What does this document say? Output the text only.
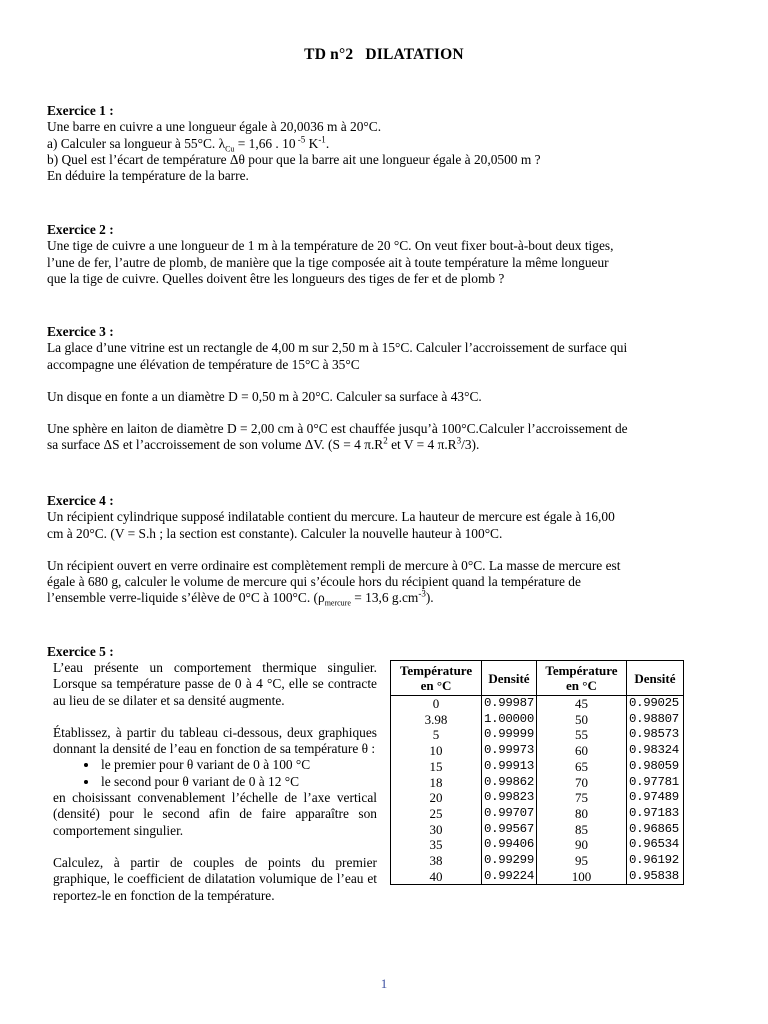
TD n°2 DILATATION

Exercice 1 :

Une barre en cuivre a une longueur égale à 20,0036 m à 20°C.

a) Calculer sa longueur à 55°C. $\lambda_{Cu} = 1,66$ . 10 $^{-5}$ $K^{-1}$.

b) Quel est l’écart de température Δθ pour que la barre ait une longueur égale à 20,0500 m ?

En déduire la température de la barre.

Exercice 2 :

Une tige de cuivre a une longueur de 1 m à la température de 20 °C. On veut fixer bout-à-bout deux tiges,

l’une de fer, l’autre de plomb, de manière que la tige composée ait à toute température la même longueur

que la tige de cuivre. Quelles doivent être les longueurs des tiges de fer et de plomb ?

Exercice 3 :

La glace d’une vitrine est un rectangle de 4,00 m sur 2,50 m à 15°C. Calculer l’accroissement de surface qui

accompagne une élévation de température de 15°C à 35°C

Un disque en fonte a un diamètre D = 0,50 m à 20°C. Calculer sa surface à 43°C.

Une sphère en laiton de diamètre D = 2,00 cm à 0°C est chauffée jusqu’à 100°C.Calculer l’accroissement de

sa surface ΔS et l’accroissement de son volume ΔV. (S = 4 $\pi.R^2$ et V = 4 $\pi.R^3/3$).

Exercice 4 :

Un récipient cylindrique supposé indilatable contient du mercure. La hauteur de mercure est égale à 16,00

cm à 20°C. (V = S.h ; la section est constante). Calculer la nouvelle hauteur à 100°C.

Un récipient ouvert en verre ordinaire est complètement rempli de mercure à 0°C. La masse de mercure est

égale à 680 g, calculer le volume de mercure qui s’écoule hors du récipient quand la température de

l’ensemble verre-liquide s’élève de 0°C à 100°C. ($\rho_{mercure} = 13,6$ $g.cm^{-3}$).

Exercice 5 :

L’eau présente un comportement thermique singulier. Lorsque sa température passe de 0 à 4 °C, elle se contracte au lieu de se dilater et sa densité augmente.

Établissez, à partir du tableau ci-dessous, deux graphiques donnant la densité de l’eau en fonction de sa température θ :

• le premier pour θ variant de 0 à 100 °C
• le second pour θ variant de 0 à 12 °C

en choisissant convenablement l’échelle de l’axe vertical (densité) pour le second afin de faire apparaître son comportement singulier.

Calculez, à partir de couples de points du premier graphique, le coefficient de dilatation volumique de l’eau et reportez-le en fonction de la température.

Température en °C	Densité	Température en °C	Densité
0	0.99987	45	0.99025
3.98	1.00000	50	0.98807
5	0.99999	55	0.98573
10	0.99973	60	0.98324
15	0.99913	65	0.98059
18	0.99862	70	0.97781
20	0.99823	75	0.97489
25	0.99707	80	0.97183
30	0.99567	85	0.96865
35	0.99406	90	0.96534
38	0.99299	95	0.96192
40	0.99224	100	0.95838
1
